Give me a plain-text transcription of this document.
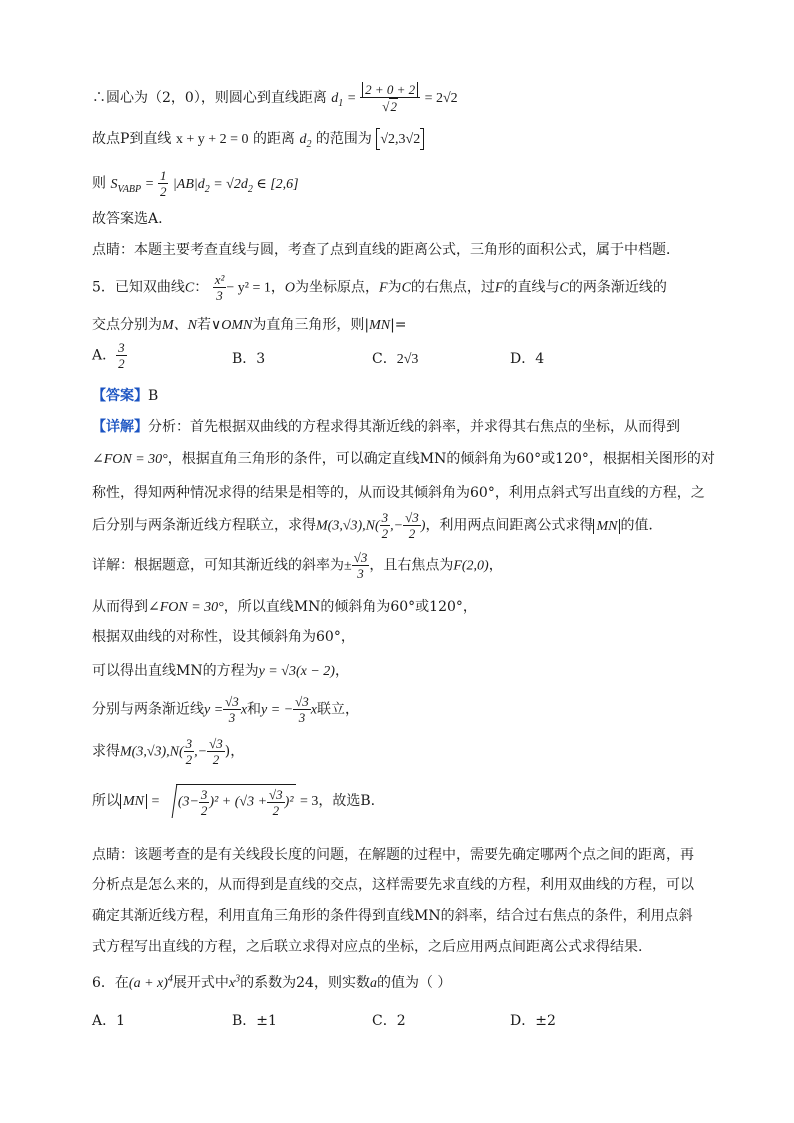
∴圆心为（2，0），则圆心到直线距离 $d_1 = 2 + 0 + 2$
√ 2 = 2√2
故点P到直线 x + y + 2 = 0 的距离 $d_2$ 的范围为 √2,3√2
则 $S_{VABP} = \frac{1}{2} |AB|d_2 = √2d_2$ ∈ [2,6]
故答案选A.
点睛：本题主要考查直线与圆，考查了点到直线的距离公式，三角形的面积公式，属于中档题．
5．已知双曲线C： $\frac{\text{x²}}{3} - y^2 = 1$，O为坐标原点，F为C的右焦点，过F的直线与C的两条渐近线的
交点分别为M、N若∨OMN为直角三角形，则|MN|=
A． $\frac{3}{2}$	B．3	C．2√3	D．4
【答案】B
【详解】分析：首先根据双曲线的方程求得其渐近线的斜率，并求得其右焦点的坐标，从而得到
∠FON = 30°，根据直角三角形的条件，可以确定直线MN的倾斜角为60°或120°，根据相关图形的对
称性，得知两种情况求得的结果是相等的，从而设其倾斜角为60°，利用点斜式写出直线的方程，之
后分别与两条渐近线方程联立，求得$M(3,√3),N( \frac{3}{2}$ ,− $\frac{√3}{2}$ )，利用两点间距离公式求得 MN 的值.
详解：根据题意，可知其渐近线的斜率为± $\frac{√3}{3}$ ，且右焦点为F(2,0)，
从而得到∠FON = 30°，所以直线MN的倾斜角为60°或120°，
根据双曲线的对称性，设其倾斜角为60°，
可以得出直线MN的方程为y = √3(x − 2)，
分别与两条渐近线$y = \frac{√3}{3}$ x和y = − $\frac{√3}{3}$ x联立，
求得$M(3,√3),N( \frac{3}{2}$ ,− $\frac{√3}{2}$ )，
所以 MN = $(3- \frac{3}{2} )^2 + (√3 + \frac{√3}{2} )^2 = 3$，故选B.
点睛：该题考查的是有关线段长度的问题，在解题的过程中，需要先确定哪两个点之间的距离，再
分析点是怎么来的，从而得到是直线的交点，这样需要先求直线的方程，利用双曲线的方程，可以
确定其渐近线方程，利用直角三角形的条件得到直线MN的斜率，结合过右焦点的条件，利用点斜
式方程写出直线的方程，之后联立求得对应点的坐标，之后应用两点间距离公式求得结果.
6．在$(a + x)^4$展开式中$x^3$的系数为24，则实数a的值为（ ）
A．1	B．±1	C．2	D．±2
